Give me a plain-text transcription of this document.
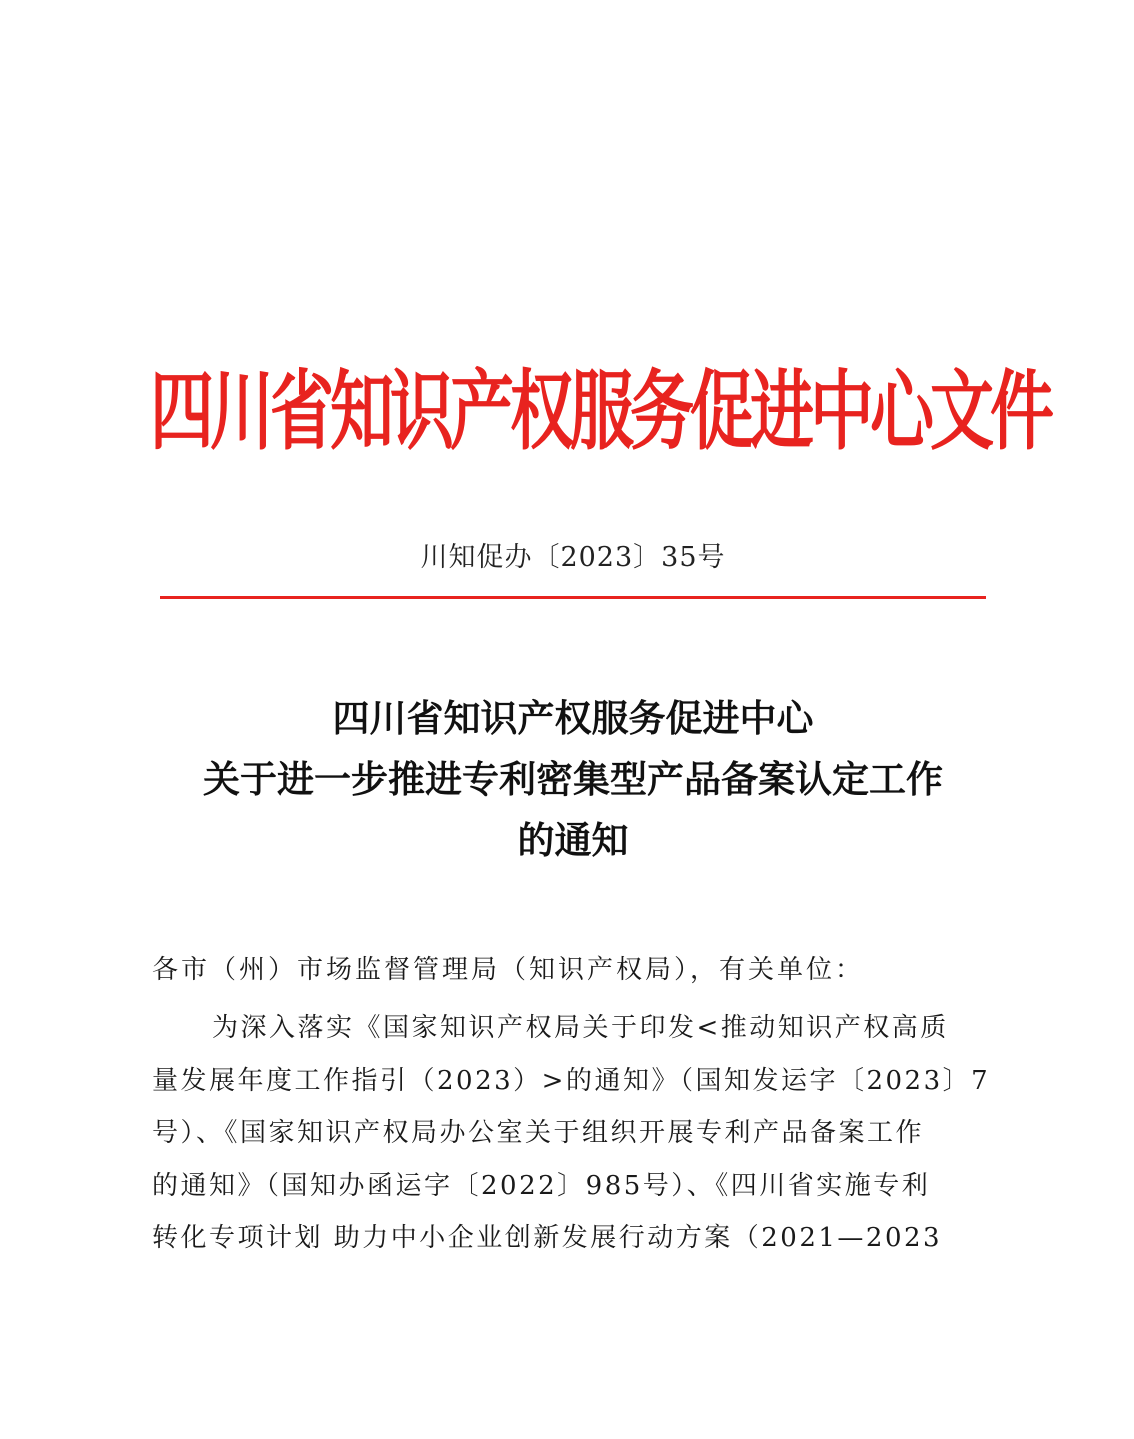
四川省知识产权服务促进中心文件
川知促办〔2023〕35号
四川省知识产权服务促进中心
关于进一步推进专利密集型产品备案认定工作
的通知
各市（州）市场监督管理局（知识产权局），有关单位：
为深入落实《国家知识产权局关于印发<推动知识产权高质
量发展年度工作指引（2023）>的通知》（国知发运字〔2023〕7
号）、《国家知识产权局办公室关于组织开展专利产品备案工作
的通知》（国知办函运字〔2022〕985号）、《四川省实施专利
转化专项计划 助力中小企业创新发展行动方案（2021—2023
